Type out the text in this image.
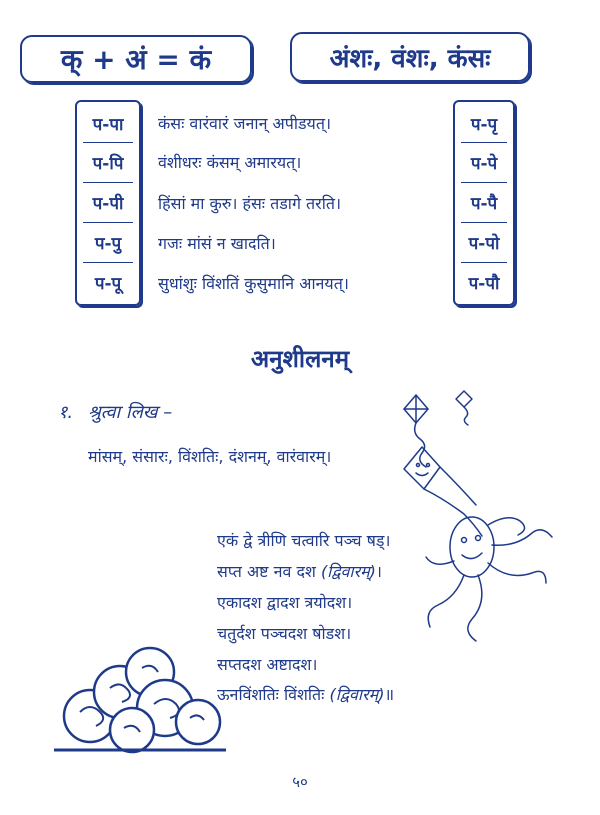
क् + अं = कं	अंशः, वंशः, कंसः
प-पा
प-पि
प-पी
प-पु
प-पू
कंसः वारंवारं जनान् अपीडयत्।
वंशीधरः कंसम् अमारयत्।
हिंसां मा कुरु। हंसः तडागे तरति।
गजः मांसं न खादति।
सुधांशुः विंशतिं कुसुमानि आनयत्।
प-पृ
प-पे
प-पै
प-पो
प-पौ
अनुशीलनम्
१. श्रुत्वा लिख –
मांसम्, संसारः, विंशतिः, दंशनम्, वारंवारम्।
एकं द्वे त्रीणि चत्वारि पञ्च षड्।
सप्त अष्ट नव दश (द्विवारम्)।
एकादश द्वादश त्रयोदश।
चतुर्दश पञ्चदश षोडश।
सप्तदश अष्टादश।
ऊनविंशतिः विंशतिः (द्विवारम्)॥
५०
